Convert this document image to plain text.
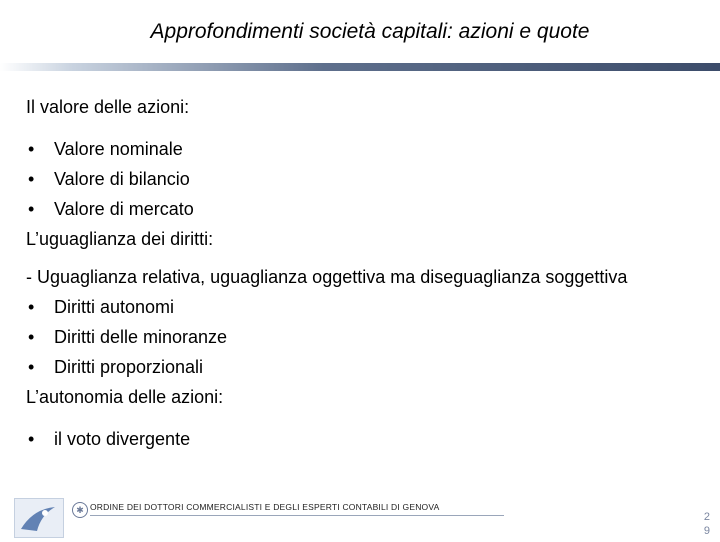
Approfondimenti società capitali: azioni e quote
Il valore delle azioni:
• Valore nominale
• Valore di bilancio
• Valore di mercato
L’uguaglianza dei diritti:
- Uguaglianza relativa, uguaglianza oggettiva ma diseguaglianza soggettiva
• Diritti autonomi
• Diritti delle minoranze
• Diritti proporzionali
L’autonomia delle azioni:
• il voto divergente
✱ ORDINE DEI DOTTORI COMMERCIALISTI E DEGLI ESPERTI CONTABILI DI GENOVA
2
9
